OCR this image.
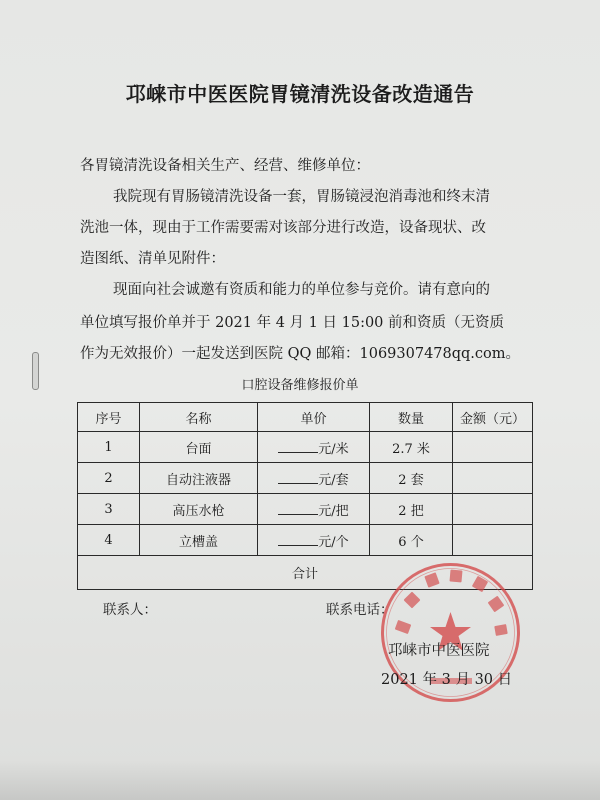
邛崃市中医医院胃镜清洗设备改造通告
各胃镜清洗设备相关生产、经营、维修单位：
我院现有胃肠镜清洗设备一套，胃肠镜浸泡消毒池和终末清
洗池一体，现由于工作需要需对该部分进行改造，设备现状、改
造图纸、清单见附件：
现面向社会诚邀有资质和能力的单位参与竞价。请有意向的
单位填写报价单并于 2021 年 4 月 1 日 15:00 前和资质（无资质
作为无效报价）一起发送到医院 QQ 邮箱：1069307478qq.com。
口腔设备维修报价单
序号	名称	单价	数量	金额（元）
1	台面	元/米	2.7 米	
2	自动注液器	元/套	2 套	
3	高压水枪	元/把	2 把	
4	立槽盖	元/个	6 个	
合计				
联系人：	联系电话：
邛崃市中医医院
2021 年 3 月 30 日
